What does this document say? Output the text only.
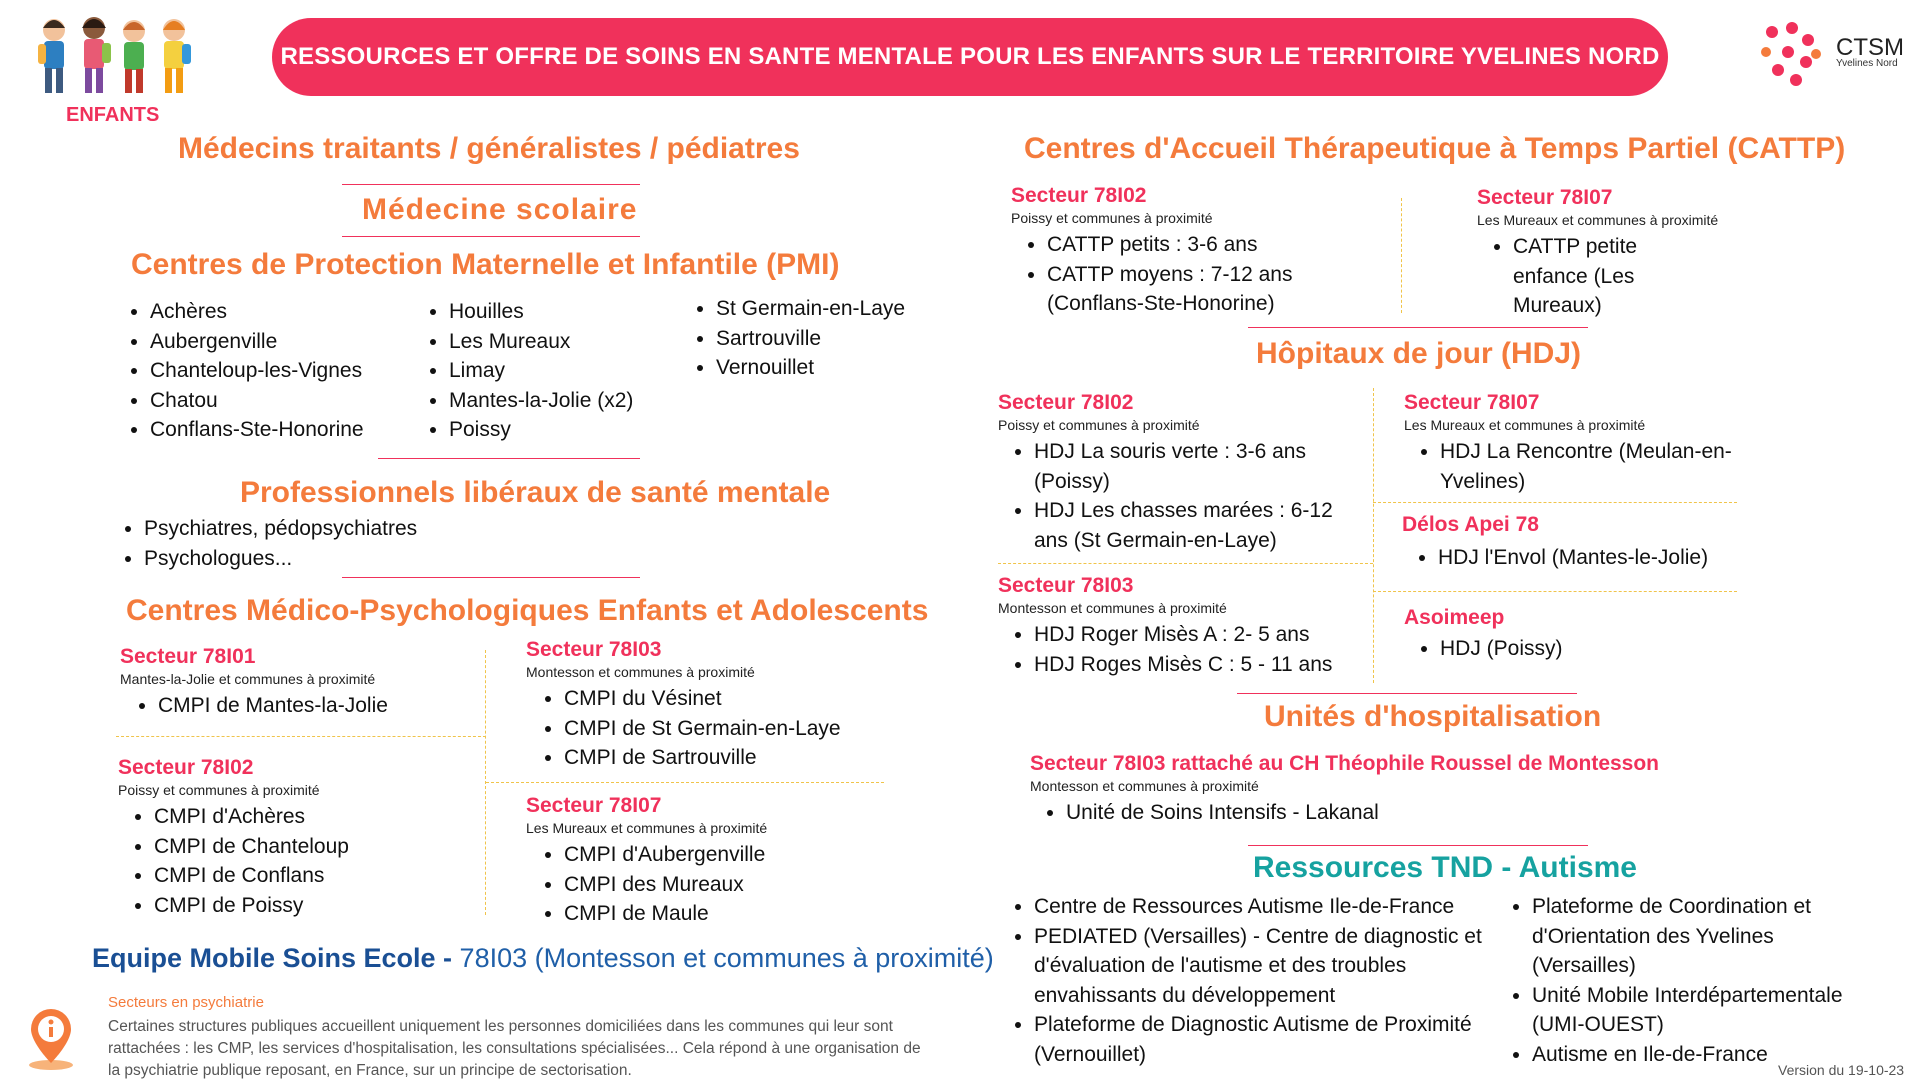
ENFANTS
RESSOURCES ET OFFRE DE SOINS EN SANTE MENTALE POUR LES ENFANTS SUR LE TERRITOIRE YVELINES NORD	CTSM
Yvelines Nord
Médecins traitants / généralistes / pédiatres
Médecine scolaire
Centres de Protection Maternelle et Infantile (PMI)
• Achères
• Aubergenville
• Chanteloup-les-Vignes
• Chatou
• Conflans-Ste-Honorine
• Houilles
• Les Mureaux
• Limay
• Mantes-la-Jolie (x2)
• Poissy
• St Germain-en-Laye
• Sartrouville
• Vernouillet
Professionnels libéraux de santé mentale
• Psychiatres, pédopsychiatres
• Psychologues...
Centres Médico-Psychologiques Enfants et Adolescents
Secteur 78I01
Mantes-la-Jolie et communes à proximité
• CMPI de Mantes-la-Jolie
Secteur 78I02
Poissy et communes à proximité
• CMPI d'Achères
• CMPI de Chanteloup
• CMPI de Conflans
• CMPI de Poissy
Secteur 78I03
Montesson et communes à proximité
• CMPI du Vésinet
• CMPI de St Germain-en-Laye
• CMPI de Sartrouville
Secteur 78I07
Les Mureaux et communes à proximité
• CMPI d'Aubergenville
• CMPI des Mureaux
• CMPI de Maule
Equipe Mobile Soins Ecole - 78I03 (Montesson et communes à proximité)
Secteurs en psychiatrie
Certaines structures publiques accueillent uniquement les personnes domiciliées dans les communes qui leur sont rattachées : les CMP, les services d'hospitalisation, les consultations spécialisées... Cela répond à une organisation de la psychiatrie publique reposant, en France, sur un principe de sectorisation.
Centres d'Accueil Thérapeutique à Temps Partiel (CATTP)
Secteur 78I02
Poissy et communes à proximité
• CATTP petits : 3-6 ans
• CATTP moyens : 7-12 ans (Conflans-Ste-Honorine)
Secteur 78I07
Les Mureaux et communes à proximité
• CATTP petite enfance (Les Mureaux)
Hôpitaux de jour (HDJ)
Secteur 78I02
Poissy et communes à proximité
• HDJ La souris verte : 3-6 ans (Poissy)
• HDJ Les chasses marées : 6-12 ans (St Germain-en-Laye)
Secteur 78I03
Montesson et communes à proximité
• HDJ Roger Misès A : 2- 5 ans
• HDJ Roges Misès C : 5 - 11 ans
Secteur 78I07
Les Mureaux et communes à proximité
• HDJ La Rencontre (Meulan-en-Yvelines)
Délos Apei 78
• HDJ l'Envol (Mantes-le-Jolie)
Asoimeep
• HDJ (Poissy)
Unités d'hospitalisation
Secteur 78I03 rattaché au CH Théophile Roussel de Montesson
Montesson et communes à proximité
• Unité de Soins Intensifs - Lakanal
Ressources TND - Autisme
• Centre de Ressources Autisme Ile-de-France
• PEDIATED (Versailles) - Centre de diagnostic et d'évaluation de l'autisme et des troubles envahissants du développement
• Plateforme de Diagnostic Autisme de Proximité (Vernouillet)
• Plateforme de Coordination et d'Orientation des Yvelines (Versailles)
• Unité Mobile Interdépartementale (UMI-OUEST)
• Autisme en Ile-de-France
Version du 19-10-23
